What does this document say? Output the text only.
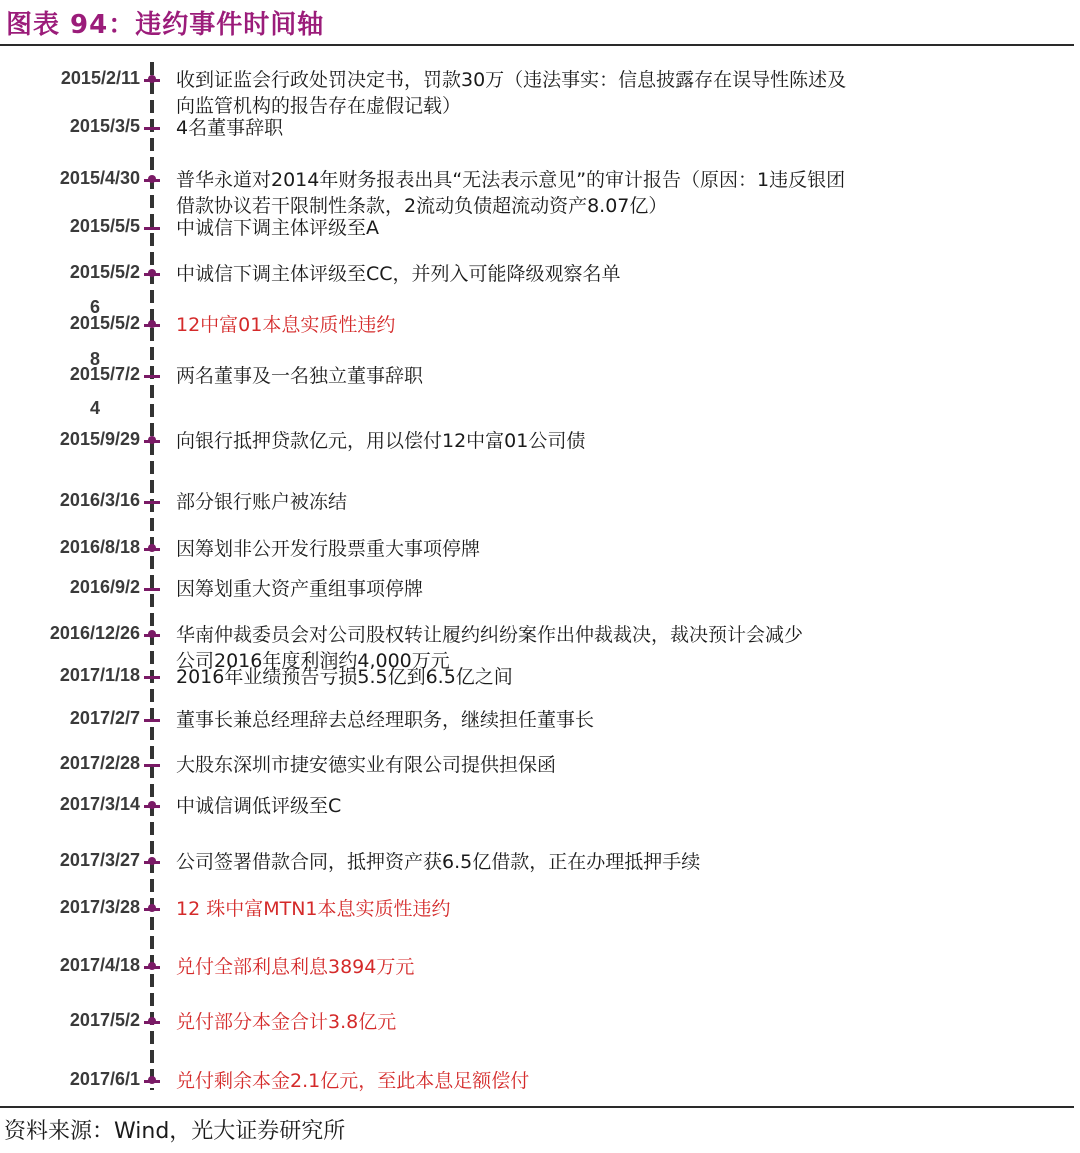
图表 94：违约事件时间轴
2015/2/11 收到证监会行政处罚决定书，罚款30万（违法事实：信息披露存在误导性陈述及
向监管机构的报告存在虚假记载）
2015/3/5 4名董事辞职
2015/4/30 普华永道对2014年财务报表出具“无法表示意见”的审计报告（原因：1违反银团
借款协议若干限制性条款，2流动负债超流动资产8.07亿）
2015/5/5 中诚信下调主体评级至A
2015/5/2 中诚信下调主体评级至CC，并列入可能降级观察名单
2015/5/2 12中富01本息实质性违约
2015/7/2 两名董事及一名独立董事辞职
2015/9/29 向银行抵押贷款亿元，用以偿付12中富01公司债
2016/3/16 部分银行账户被冻结
2016/8/18 因筹划非公开发行股票重大事项停牌
2016/9/2 因筹划重大资产重组事项停牌
2016/12/26 华南仲裁委员会对公司股权转让履约纠纷案作出仲裁裁决，裁决预计会减少
公司2016年度利润约4,000万元
2017/1/18 2016年业绩预告亏损5.5亿到6.5亿之间
2017/2/7 董事长兼总经理辞去总经理职务，继续担任董事长
2017/2/28 大股东深圳市捷安德实业有限公司提供担保函
2017/3/14 中诚信调低评级至C
2017/3/27 公司签署借款合同，抵押资产获6.5亿借款，正在办理抵押手续
2017/3/28 12 珠中富MTN1本息实质性违约
2017/4/18 兑付全部利息利息3894万元
2017/5/2 兑付部分本金合计3.8亿元
2017/6/1 兑付剩余本金2.1亿元，至此本息足额偿付
6
8
4
资料来源：Wind，光大证券研究所
